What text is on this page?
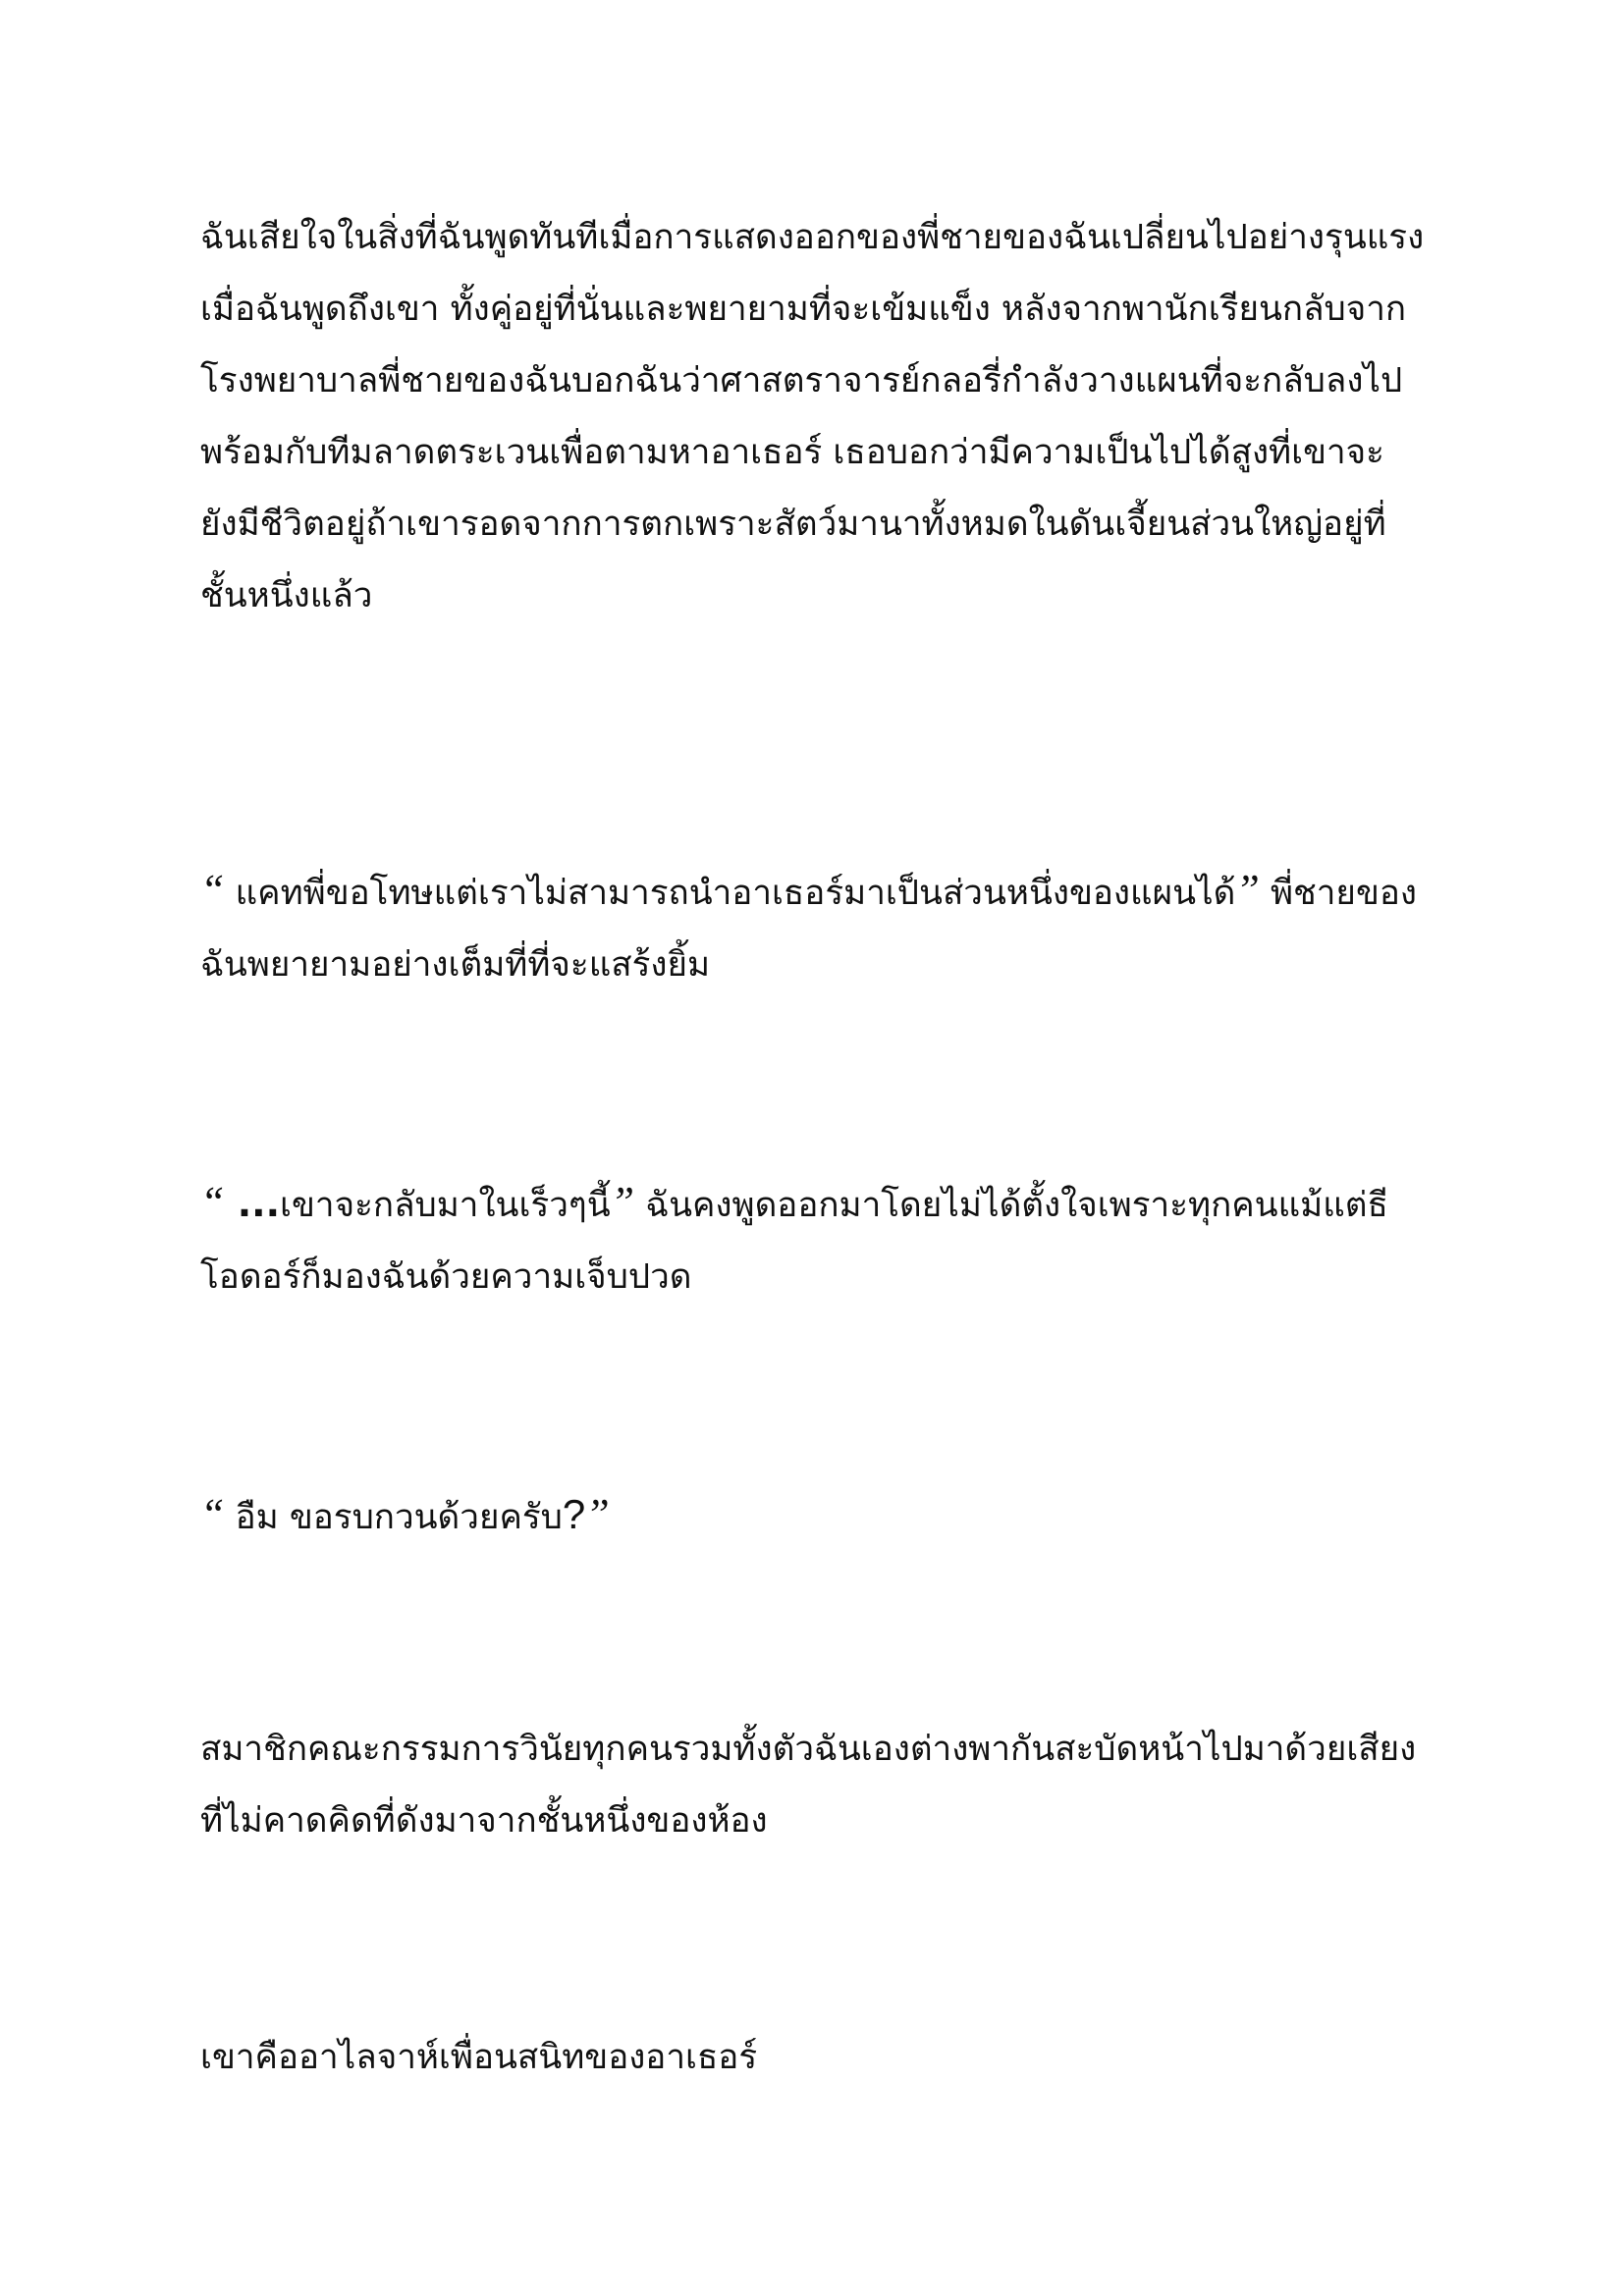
ฉันเสียใจในสิ่งที่ฉันพูดทันทีเมื่อการแสดงออกของพี่ชายของฉันเปลี่ยนไปอย่างรุนแรง
เมื่อฉันพูดถึงเขา ทั้งคู่อยู่ที่นั่นและพยายามที่จะเข้มแข็ง หลังจากพานักเรียนกลับจาก
โรงพยาบาลพี่ชายของฉันบอกฉันว่าศาสตราจารย์กลอรี่กำลังวางแผนที่จะกลับลงไป
พร้อมกับทีมลาดตระเวนเพื่อตามหาอาเธอร์ เธอบอกว่ามีความเป็นไปได้สูงที่เขาจะ
ยังมีชีวิตอยู่ถ้าเขารอดจากการตกเพราะสัตว์มานาทั้งหมดในดันเจี้ยนส่วนใหญ่อยู่ที่
ชั้นหนึ่งแล้ว

“ แคทพี่ขอโทษแต่เราไม่สามารถนำอาเธอร์มาเป็นส่วนหนึ่งของแผนได้” พี่ชายของ
ฉันพยายามอย่างเต็มที่ที่จะแสร้งยิ้ม

“ ...เขาจะกลับมาในเร็วๆนี้” ฉันคงพูดออกมาโดยไม่ได้ตั้งใจเพราะทุกคนแม้แต่ธี
โอดอร์ก็มองฉันด้วยความเจ็บปวด

“ อืม ขอรบกวนด้วยครับ?”

สมาชิกคณะกรรมการวินัยทุกคนรวมทั้งตัวฉันเองต่างพากันสะบัดหน้าไปมาด้วยเสียง
ที่ไม่คาดคิดที่ดังมาจากชั้นหนึ่งของห้อง

เขาคืออาไลจาห์เพื่อนสนิทของอาเธอร์
